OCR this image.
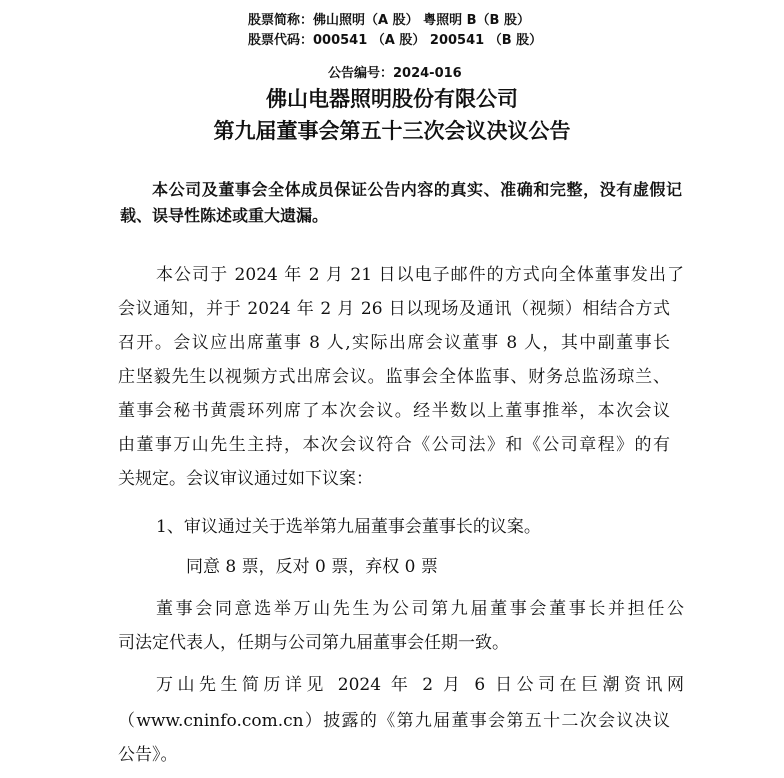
股票简称：佛山照明（A 股） 粤照明 B（B 股）
股票代码：000541 （A 股） 200541 （B 股）
公告编号：2024-016
佛山电器照明股份有限公司
第九届董事会第五十三次会议决议公告
本公司及董事会全体成员保证公告内容的真实、准确和完整，没有虚假记
载、误导性陈述或重大遗漏。
本公司于 2024 年 2 月 21 日以电子邮件的方式向全体董事发出了
会议通知，并于 2024 年 2 月 26 日以现场及通讯（视频）相结合方式
召开。会议应出席董事 8 人,实际出席会议董事 8 人，其中副董事长
庄坚毅先生以视频方式出席会议。监事会全体监事、财务总监汤琼兰、
董事会秘书黄震环列席了本次会议。经半数以上董事推举，本次会议
由董事万山先生主持，本次会议符合《公司法》和《公司章程》的有
关规定。会议审议通过如下议案：
1、审议通过关于选举第九届董事会董事长的议案。
同意 8 票，反对 0 票，弃权 0 票
董事会同意选举万山先生为公司第九届董事会董事长并担任公
司法定代表人，任期与公司第九届董事会任期一致。
万山先生简历详见 2024 年 2 月 6 日公司在巨潮资讯网
（www.cninfo.com.cn）披露的《第九届董事会第五十二次会议决议
公告》。
